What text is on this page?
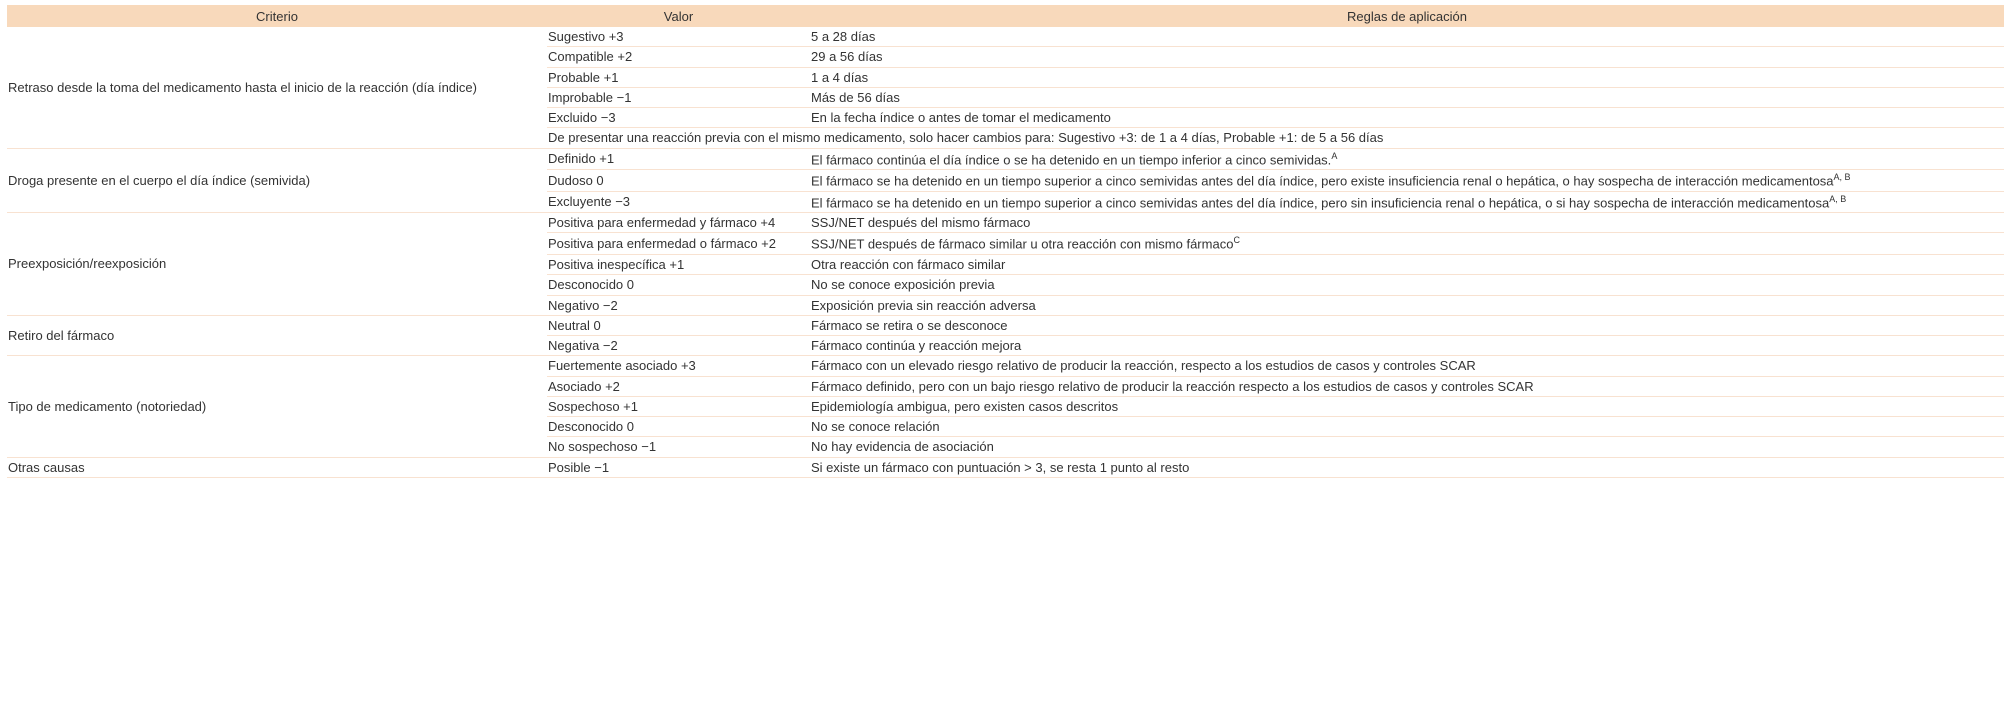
Criterio	Valor	Reglas de aplicación
Retraso desde la toma del medicamento hasta el inicio de la reacción (día índice)	Sugestivo +3	5 a 28 días
	Compatible +2	29 a 56 días
	Probable +1	1 a 4 días
	Improbable −1	Más de 56 días
	Excluido −3	En la fecha índice o antes de tomar el medicamento
	De presentar una reacción previa con el mismo medicamento, solo hacer cambios para: Sugestivo +3: de 1 a 4 días, Probable +1: de 5 a 56 días	
Droga presente en el cuerpo el día índice (semivida)	Definido +1	El fármaco continúa el día índice o se ha detenido en un tiempo inferior a cinco semividas.$^A$
	Dudoso 0	El fármaco se ha detenido en un tiempo superior a cinco semividas antes del día índice, pero existe insuficiencia renal o hepática, o hay sospecha de interacción medicamentosa$^{A, B}$
	Excluyente −3	El fármaco se ha detenido en un tiempo superior a cinco semividas antes del día índice, pero sin insuficiencia renal o hepática, o si hay sospecha de interacción medicamentosa$^{A, B}$
Preexposición/reexposición	Positiva para enfermedad y fármaco +4	SSJ/NET después del mismo fármaco
	Positiva para enfermedad o fármaco +2	SSJ/NET después de fármaco similar u otra reacción con mismo fármaco$^C$
	Positiva inespecífica +1	Otra reacción con fármaco similar
	Desconocido 0	No se conoce exposición previa
	Negativo −2	Exposición previa sin reacción adversa
Retiro del fármaco	Neutral 0	Fármaco se retira o se desconoce
	Negativa −2	Fármaco continúa y reacción mejora
Tipo de medicamento (notoriedad)	Fuertemente asociado +3	Fármaco con un elevado riesgo relativo de producir la reacción, respecto a los estudios de casos y controles SCAR
	Asociado +2	Fármaco definido, pero con un bajo riesgo relativo de producir la reacción respecto a los estudios de casos y controles SCAR
	Sospechoso +1	Epidemiología ambigua, pero existen casos descritos
	Desconocido 0	No se conoce relación
	No sospechoso −1	No hay evidencia de asociación
Otras causas	Posible −1	Si existe un fármaco con puntuación > 3, se resta 1 punto al resto
